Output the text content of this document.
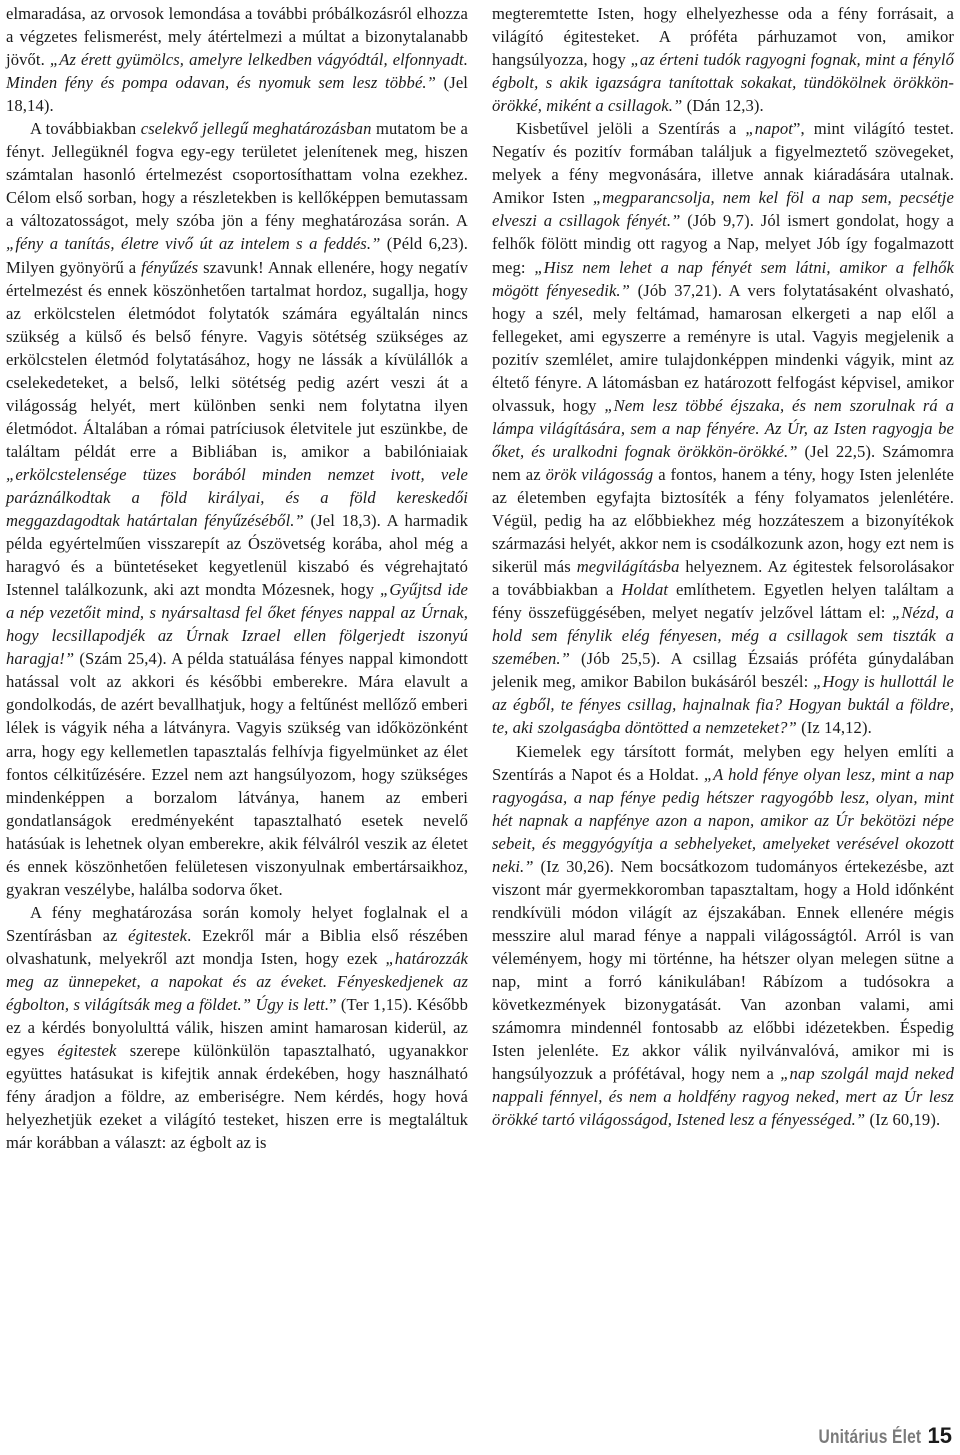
elmaradása, az orvosok lemondása a további próbálkozásról elhozza a végzetes felismerést, mely átértelmezi a múltat a bizonytalanabb jövőt. „Az érett gyümölcs, amelyre lelkedben vágyódtál, elfonnyadt. Minden fény és pompa odavan, és nyomuk sem lesz többé.” (Jel 18,14).

A továbbiakban cselekvő jellegű meghatározásban mutatom be a fényt. Jellegüknél fogva egy-egy területet jelenítenek meg, hiszen számtalan hasonló értelmezést csoportosíthattam volna ezekhez. Célom első sorban, hogy a részletekben is kellőképpen bemutassam a változatosságot, mely szóba jön a fény meghatározása során. A „fény a tanítás, életre vivő út az intelem s a feddés.” (Péld 6,23). Milyen gyönyörű a fényűzés szavunk! Annak ellenére, hogy negatív értelmezést és ennek köszönhetően tartalmat hordoz, sugallja, hogy az erkölcstelen életmódot folytatók számára egyáltalán nincs szükség a külső és belső fényre. Vagyis sötétség szükséges az erkölcstelen életmód folytatásához, hogy ne lássák a kívülállók a cselekedeteket, a belső, lelki sötétség pedig azért veszi át a világosság helyét, mert különben senki nem folytatna ilyen életmódot. Általában a római patríciusok életvitele jut eszünkbe, de találtam példát erre a Bibliában is, amikor a babilóniaiak „erkölcstelensége tüzes borából minden nemzet ivott, vele paráználkodtak a föld királyai, és a föld kereskedői meggazdagodtak határtalan fényűzéséből.” (Jel 18,3). A harmadik példa egyértelműen visszarepít az Ószövetség korába, ahol még a haragvó és a büntetéseket kegyetlenül kiszabó és végrehajtató Istennel találkozunk, aki azt mondta Mózesnek, hogy „Gyűjtsd ide a nép vezetőit mind, s nyársaltasd fel őket fényes nappal az Úrnak, hogy lecsillapodjék az Úrnak Izrael ellen fölgerjedt iszonyú haragja!” (Szám 25,4). A példa statuálása fényes nappal kimondott hatással volt az akkori és későbbi emberekre. Mára elavult a gondolkodás, de azért bevallhatjuk, hogy a feltűnést mellőző emberi lélek is vágyik néha a látványra. Vagyis szükség van időközönként arra, hogy egy kellemetlen tapasztalás felhívja figyelmünket az élet fontos célkitűzésére. Ezzel nem azt hangsúlyozom, hogy szükséges mindenképpen a borzalom látványa, hanem az emberi gondatlanságok eredményeként tapasztalható esetek nevelő hatásúak is lehetnek olyan emberekre, akik félválról veszik az életet és ennek köszönhetően felületesen viszonyulnak embertársaikhoz, gyakran veszélybe, halálba sodorva őket.

A fény meghatározása során komoly helyet foglalnak el a Szentírásban az égitestek. Ezekről már a Biblia első részében olvashatunk, melyekről azt mondja Isten, hogy ezek „határozzák meg az ünnepeket, a napokat és az éveket. Fényeskedjenek az égbolton, s világítsák meg a földet.” Úgy is lett.” (Ter 1,15). Később ez a kérdés bonyolulttá válik, hiszen amint hamarosan kiderül, az egyes égitestek szerepe különkülön tapasztalható, ugyanakkor együttes hatásukat is kifejtik annak érdekében, hogy használható fény áradjon a földre, az emberiségre. Nem kérdés, hogy hová helyezhetjük ezeket a világító testeket, hiszen erre is megtaláltuk már korábban a választ: az égbolt az is

megteremtette Isten, hogy elhelyezhesse oda a fény forrásait, a világító égitesteket. A próféta párhuzamot von, amikor hangsúlyozza, hogy „az érteni tudók ragyogni fognak, mint a fénylő égbolt, s akik igazságra tanítottak sokakat, tündökölnek örökkön-örökké, miként a csillagok.” (Dán 12,3).

Kisbetűvel jelöli a Szentírás a „napot”, mint világító testet. Negatív és pozitív formában találjuk a figyelmeztető szövegeket, melyek a fény megvonására, illetve annak kiáradására utalnak. Amikor Isten „megparancsolja, nem kel föl a nap sem, pecsétje elveszi a csillagok fényét.” (Jób 9,7). Jól ismert gondolat, hogy a felhők fölött mindig ott ragyog a Nap, melyet Jób így fogalmazott meg: „Hisz nem lehet a nap fényét sem látni, amikor a felhők mögött fényesedik.” (Jób 37,21). A vers folytatásaként olvasható, hogy a szél, mely feltámad, hamarosan elkergeti a nap elől a fellegeket, ami egyszerre a reményre is utal. Vagyis megjelenik a pozitív szemlélet, amire tulajdonképpen mindenki vágyik, mint az éltető fényre. A látomásban ez határozott felfogást képvisel, amikor olvassuk, hogy „Nem lesz többé éjszaka, és nem szorulnak rá a lámpa világítására, sem a nap fényére. Az Úr, az Isten ragyogja be őket, és uralkodni fognak örökkön-örökké.” (Jel 22,5). Számomra nem az örök világosság a fontos, hanem a tény, hogy Isten jelenléte az életemben egyfajta biztosíték a fény folyamatos jelenlétére. Végül, pedig ha az előbbiekhez még hozzáteszem a bizonyítékok származási helyét, akkor nem is csodálkozunk azon, hogy ezt nem is sikerül más megvilágításba helyeznem. Az égitestek felsorolásakor a továbbiakban a Holdat említhetem. Egyetlen helyen találtam a fény összefüggésében, melyet negatív jelzővel láttam el: „Nézd, a hold sem fénylik elég fényesen, még a csillagok sem tiszták a szemében.” (Jób 25,5). A csillag Ézsaiás próféta gúnydalában jelenik meg, amikor Babilon bukásáról beszél: „Hogy is hullottál le az égből, te fényes csillag, hajnalnak fia? Hogyan buktál a földre, te, aki szolgaságba döntötted a nemzeteket?” (Iz 14,12).

Kiemelek egy társított formát, melyben egy helyen említi a Szentírás a Napot és a Holdat. „A hold fénye olyan lesz, mint a nap ragyogása, a nap fénye pedig hétszer ragyogóbb lesz, olyan, mint hét napnak a napfénye azon a napon, amikor az Úr bekötözi népe sebeit, és meggyógyítja a sebhelyeket, amelyeket verésével okozott neki.” (Iz 30,26). Nem bocsátkozom tudományos értekezésbe, azt viszont már gyermekkoromban tapasztaltam, hogy a Hold időnként rendkívüli módon világít az éjszakában. Ennek ellenére mégis messzire alul marad fénye a nappali világosságtól. Arról is van véleményem, hogy mi történne, ha hétszer olyan melegen sütne a nap, mint a forró kánikulában! Rábízom a tudósokra a következmények bizonygatását. Van azonban valami, ami számomra mindennél fontosabb az előbbi idézetekben. Éspedig Isten jelenléte. Ez akkor válik nyilvánvalóvá, amikor mi is hangsúlyozzuk a prófétával, hogy nem a „nap szolgál majd neked nappali fénnyel, és nem a holdfény ragyog neked, mert az Úr lesz örökké tartó világosságod, Istened lesz a fényességed.” (Iz 60,19).

Unitárius Élet 15
